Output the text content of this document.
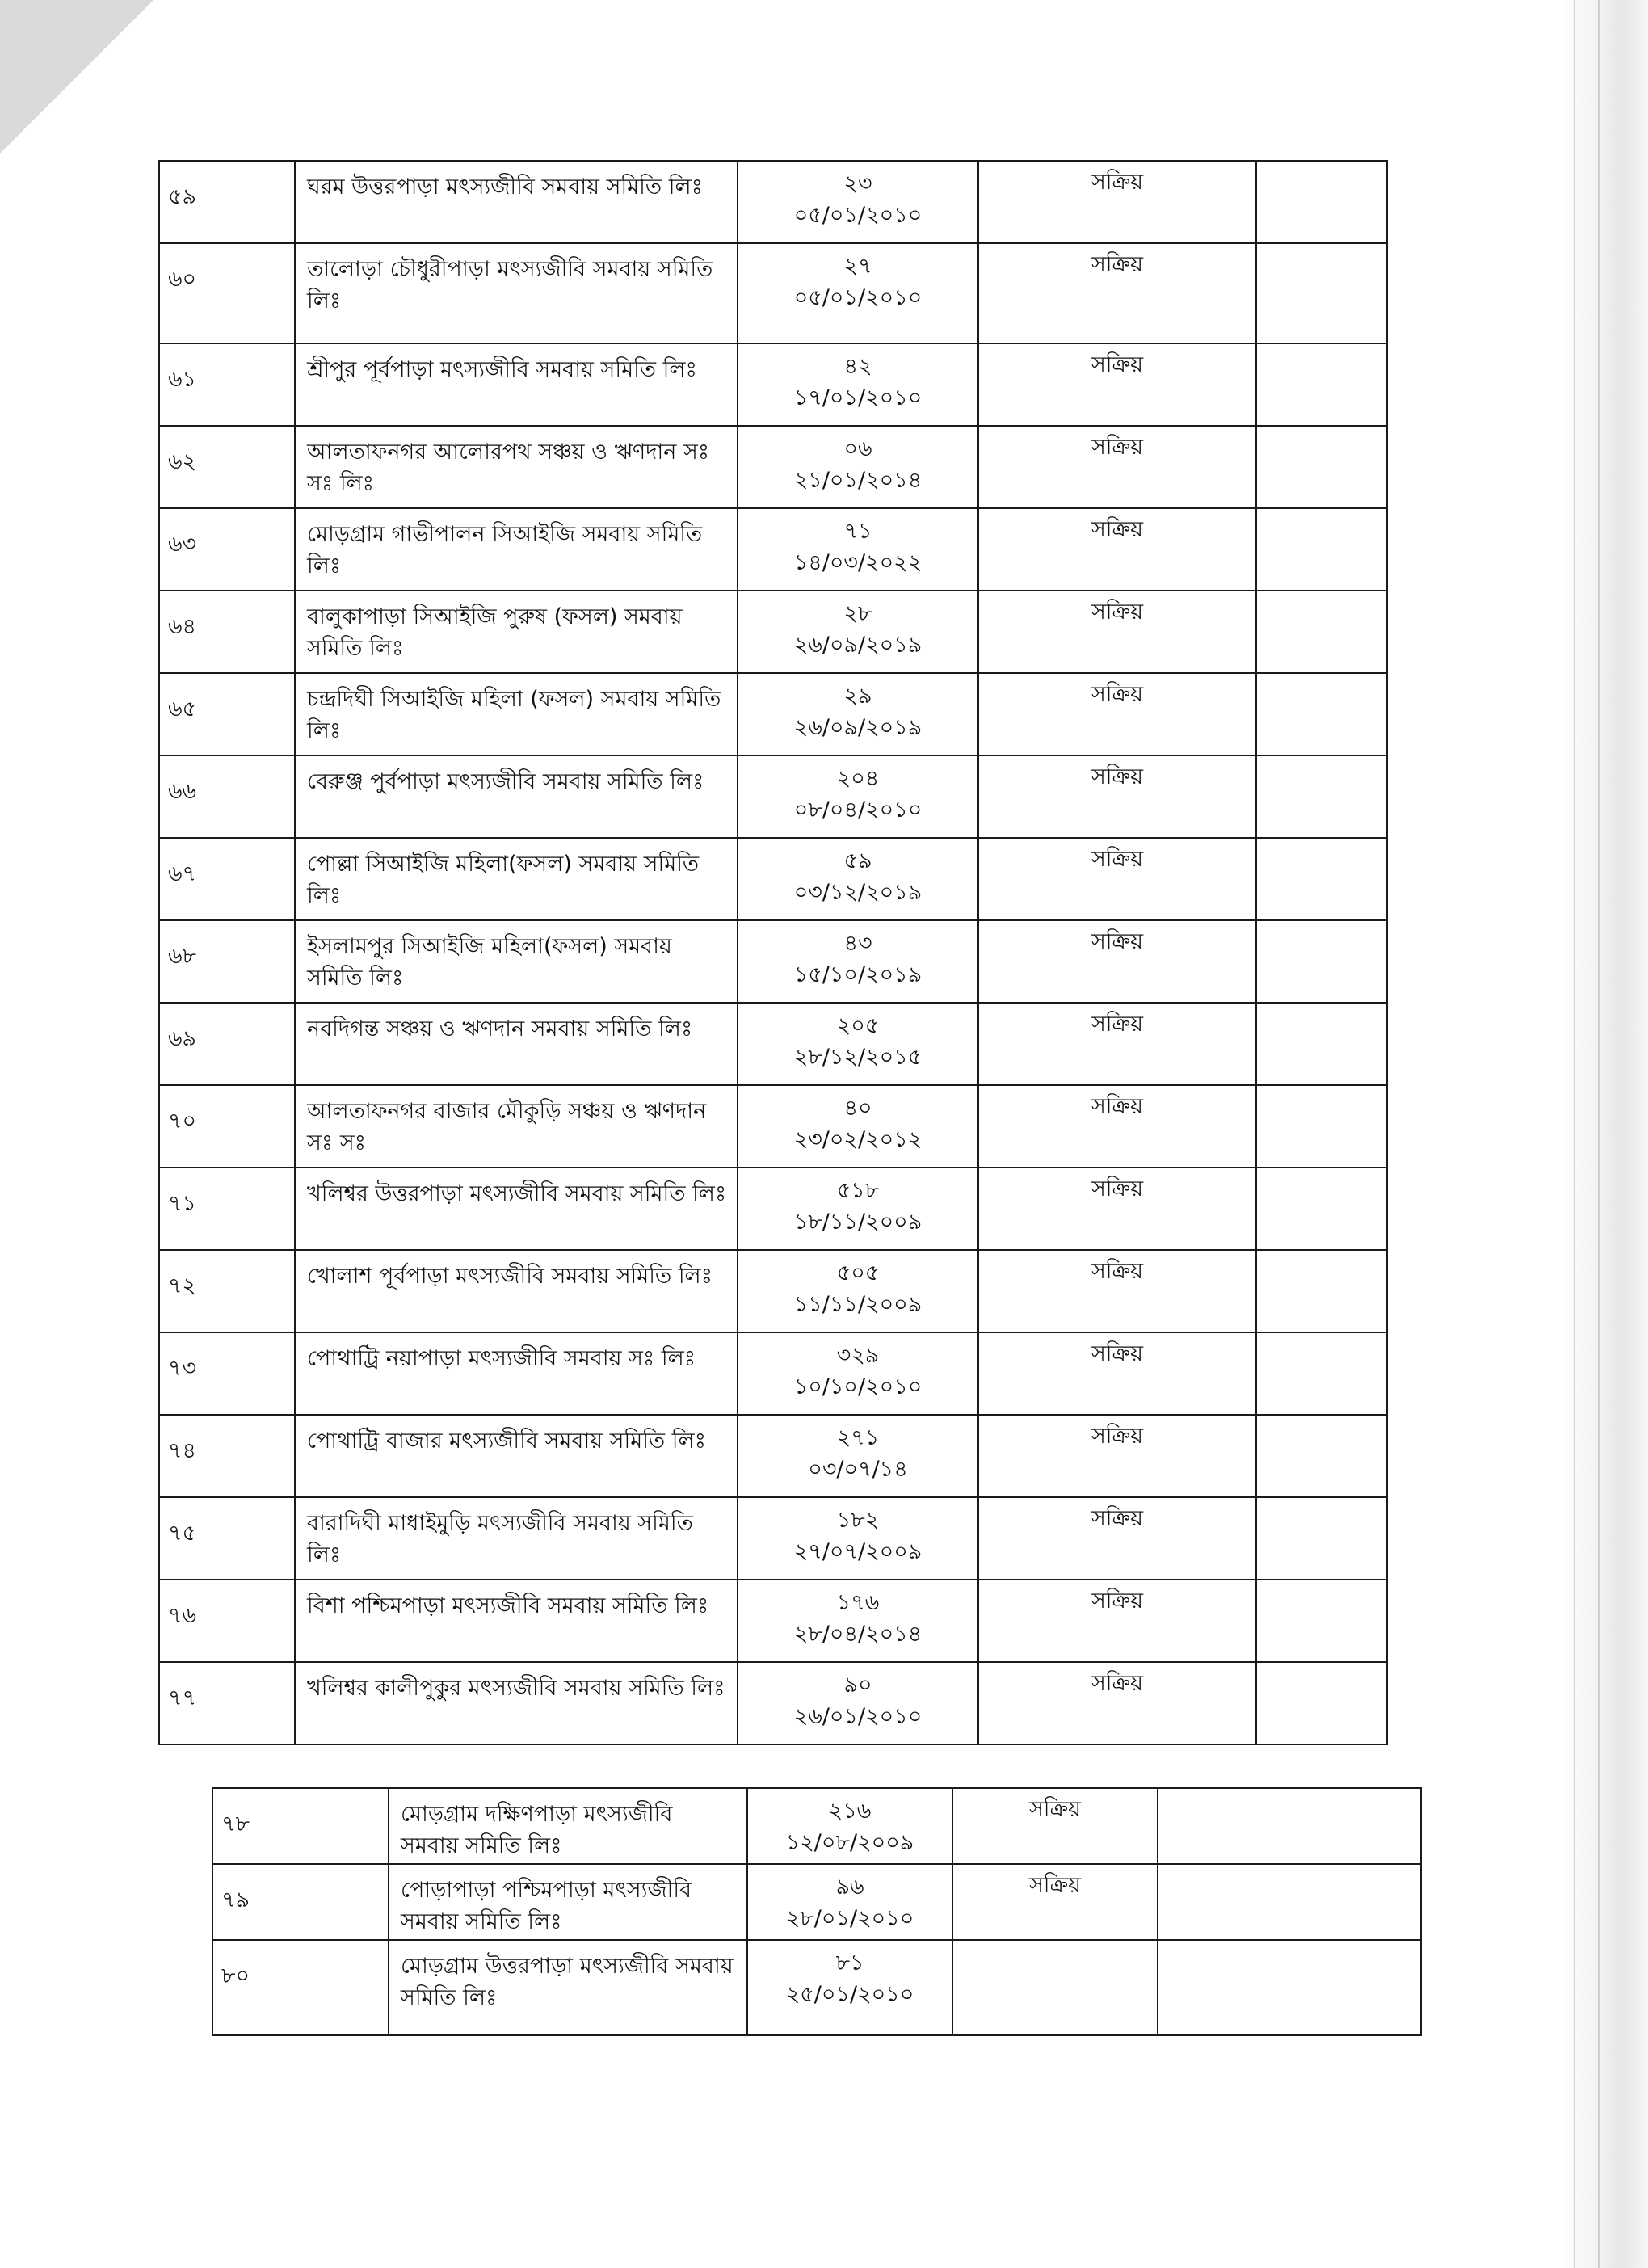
৫৯	ঘরম উত্তরপাড়া মৎস্যজীবি সমবায় সমিতি লিঃ	২৩
০৫/০১/২০১০	সক্রিয়	
৬০	তালোড়া চৌধুরীপাড়া মৎস্যজীবি সমবায় সমিতি লিঃ	২৭
০৫/০১/২০১০	সক্রিয়	
৬১	শ্রীপুর পূর্বপাড়া মৎস্যজীবি সমবায় সমিতি লিঃ	৪২
১৭/০১/২০১০	সক্রিয়	
৬২	আলতাফনগর আলোরপথ সঞ্চয় ও ঋণদান সঃ সঃ লিঃ	০৬
২১/০১/২০১৪	সক্রিয়	
৬৩	মোড়গ্রাম গাভীপালন সিআইজি সমবায় সমিতি লিঃ	৭১
১৪/০৩/২০২২	সক্রিয়	
৬৪	বালুকাপাড়া সিআইজি পুরুষ (ফসল) সমবায় সমিতি লিঃ	২৮
২৬/০৯/২০১৯	সক্রিয়	
৬৫	চন্দ্রদিঘী সিআইজি মহিলা (ফসল) সমবায় সমিতি লিঃ	২৯
২৬/০৯/২০১৯	সক্রিয়	
৬৬	বেরুঞ্জ পুর্বপাড়া মৎস্যজীবি সমবায় সমিতি লিঃ	২০৪
০৮/০৪/২০১০	সক্রিয়	
৬৭	পোল্লা সিআইজি মহিলা(ফসল) সমবায় সমিতি লিঃ	৫৯
০৩/১২/২০১৯	সক্রিয়	
৬৮	ইসলামপুর সিআইজি মহিলা(ফসল) সমবায় সমিতি লিঃ	৪৩
১৫/১০/২০১৯	সক্রিয়	
৬৯	নবদিগন্ত সঞ্চয় ও ঋণদান সমবায় সমিতি লিঃ	২০৫
২৮/১২/২০১৫	সক্রিয়	
৭০	আলতাফনগর বাজার মৌকুড়ি সঞ্চয় ও ঋণদান সঃ সঃ	৪০
২৩/০২/২০১২	সক্রিয়	
৭১	খলিশ্বর উত্তরপাড়া মৎস্যজীবি সমবায় সমিতি লিঃ	৫১৮
১৮/১১/২০০৯	সক্রিয়	
৭২	খোলাশ পূর্বপাড়া মৎস্যজীবি সমবায় সমিতি লিঃ	৫০৫
১১/১১/২০০৯	সক্রিয়	
৭৩	পোথাট্রি নয়াপাড়া মৎস্যজীবি সমবায় সঃ লিঃ	৩২৯
১০/১০/২০১০	সক্রিয়	
৭৪	পোথাট্রি বাজার মৎস্যজীবি সমবায় সমিতি লিঃ	২৭১
০৩/০৭/১৪	সক্রিয়	
৭৫	বারাদিঘী মাধাইমুড়ি মৎস্যজীবি সমবায় সমিতি লিঃ	১৮২
২৭/০৭/২০০৯	সক্রিয়	
৭৬	বিশা পশ্চিমপাড়া মৎস্যজীবি সমবায় সমিতি লিঃ	১৭৬
২৮/০৪/২০১৪	সক্রিয়	
৭৭	খলিশ্বর কালীপুকুর মৎস্যজীবি সমবায় সমিতি লিঃ	৯০
২৬/০১/২০১০	সক্রিয়	
৭৮	মোড়গ্রাম দক্ষিণপাড়া মৎস্যজীবি সমবায় সমিতি লিঃ	২১৬
১২/০৮/২০০৯	সক্রিয়	
৭৯	পোড়াপাড়া পশ্চিমপাড়া মৎস্যজীবি সমবায় সমিতি লিঃ	৯৬
২৮/০১/২০১০	সক্রিয়	
৮০	মোড়গ্রাম উত্তরপাড়া মৎস্যজীবি সমবায় সমিতি লিঃ	৮১
২৫/০১/২০১০		
